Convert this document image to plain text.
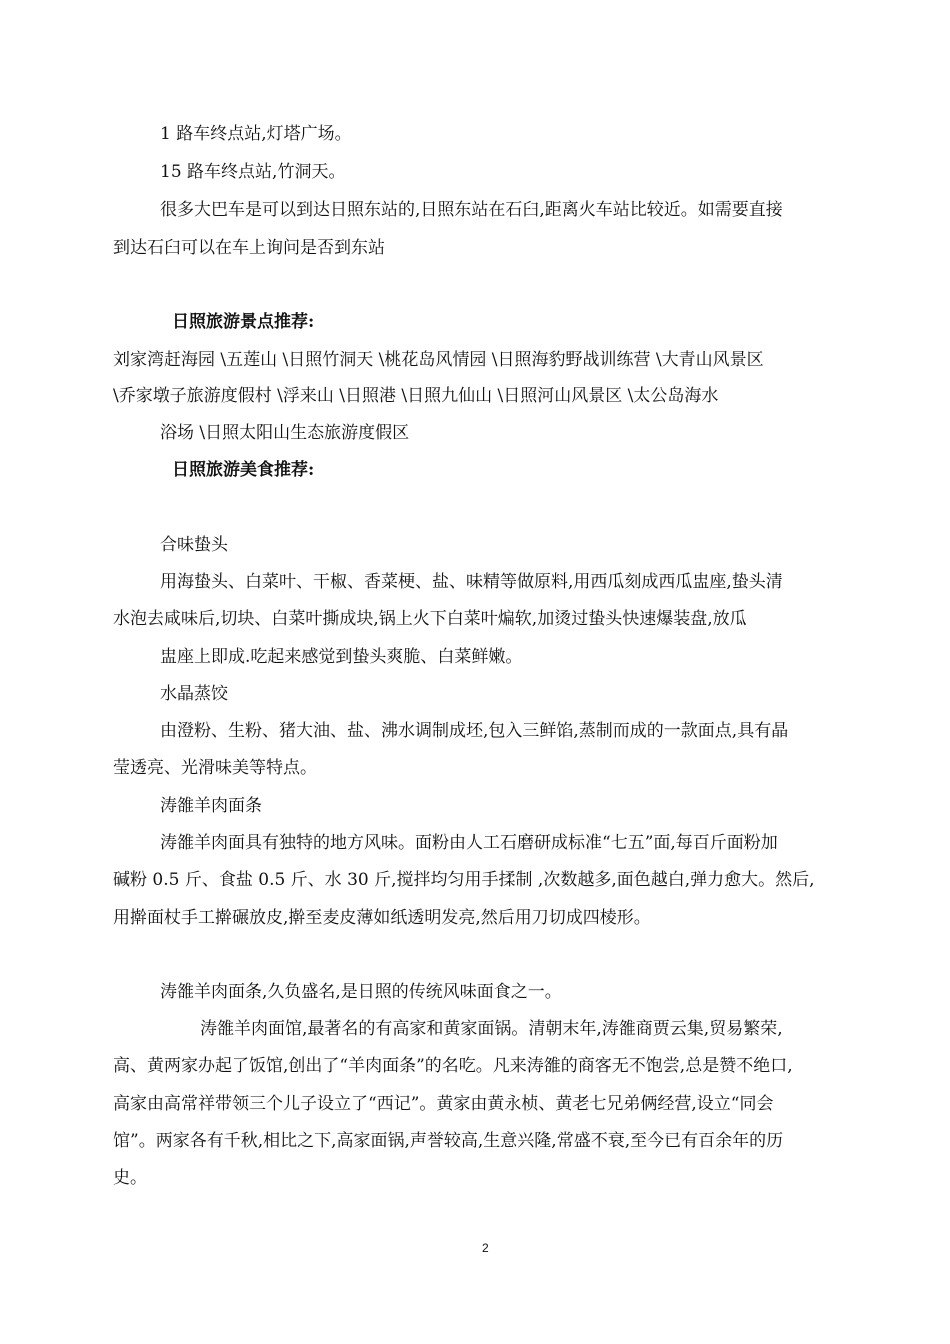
1 路车终点站,灯塔广场。
15 路车终点站,竹洞天。
很多大巴车是可以到达日照东站的,日照东站在石臼,距离火车站比较近。如需要直接
到达石臼可以在车上询问是否到东站
日照旅游景点推荐:
刘家湾赶海园 \五莲山 \日照竹洞天 \桃花岛风情园 \日照海豹野战训练营 \大青山风景区
\乔家墩子旅游度假村 \浮来山 \日照港 \日照九仙山 \日照河山风景区 \太公岛海水
浴场 \日照太阳山生态旅游度假区
日照旅游美食推荐:
合味蛰头
用海蛰头、白菜叶、干椒、香菜梗、盐、味精等做原料,用西瓜刻成西瓜盅座,蛰头清
水泡去咸味后,切块、白菜叶撕成块,锅上火下白菜叶煸软,加烫过蛰头快速爆装盘,放瓜
盅座上即成.吃起来感觉到蛰头爽脆、白菜鲜嫩。
水晶蒸饺
由澄粉、生粉、猪大油、盐、沸水调制成坯,包入三鲜馅,蒸制而成的一款面点,具有晶
莹透亮、光滑味美等特点。
涛雒羊肉面条
涛雒羊肉面具有独特的地方风味。面粉由人工石磨研成标准“七五”面,每百斤面粉加
碱粉 0.5 斤、食盐 0.5 斤、水 30 斤,搅拌均匀用手揉制 ,次数越多,面色越白,弹力愈大。然后,
用擀面杖手工擀碾放皮,擀至麦皮薄如纸透明发亮,然后用刀切成四棱形。
涛雒羊肉面条,久负盛名,是日照的传统风味面食之一。
涛雒羊肉面馆,最著名的有高家和黄家面锅。清朝末年,涛雒商贾云集,贸易繁荣,
高、黄两家办起了饭馆,创出了“羊肉面条”的名吃。凡来涛雒的商客无不饱尝,总是赞不绝口,
高家由高常祥带领三个儿子设立了“西记”。黄家由黄永桢、黄老七兄弟俩经营,设立“同会
馆”。两家各有千秋,相比之下,高家面锅,声誉较高,生意兴隆,常盛不衰,至今已有百余年的历
史。
2
